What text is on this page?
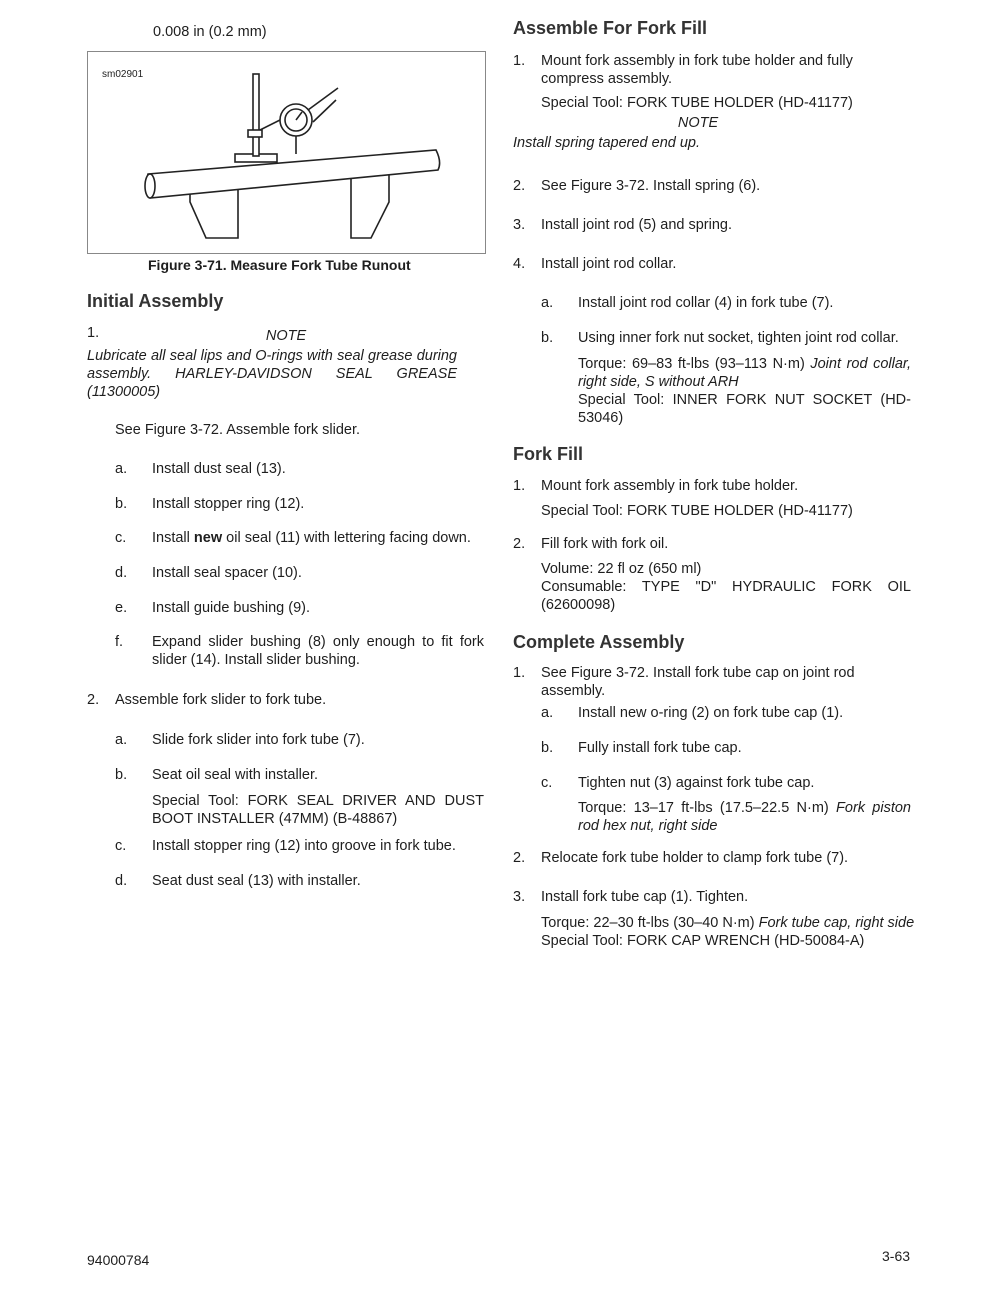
0.008 in (0.2 mm)
sm02901
Figure 3-71. Measure Fork Tube Runout
Initial Assembly
1.	NOTE
Lubricate all seal lips and O-rings with seal grease during assembly. HARLEY-DAVIDSON SEAL GREASE (11300005)
See Figure 3-72. Assemble fork slider.
a. Install dust seal (13).
b. Install stopper ring (12).
c. Install new oil seal (11) with lettering facing down.
d. Install seal spacer (10).
e. Install guide bushing (9).
f. Expand slider bushing (8) only enough to fit fork slider (14). Install slider bushing.
2. Assemble fork slider to fork tube.
a. Slide fork slider into fork tube (7).
b. Seat oil seal with installer.
Special Tool: FORK SEAL DRIVER AND DUST BOOT INSTALLER (47MM) (B-48867)
c. Install stopper ring (12) into groove in fork tube.
d. Seat dust seal (13) with installer.
Assemble For Fork Fill
1. Mount fork assembly in fork tube holder and fully compress assembly.
Special Tool: FORK TUBE HOLDER (HD-41177)
NOTE
Install spring tapered end up.
2. See Figure 3-72. Install spring (6).
3. Install joint rod (5) and spring.
4. Install joint rod collar.
a. Install joint rod collar (4) in fork tube (7).
b. Using inner fork nut socket, tighten joint rod collar.
Torque: 69–83 ft-lbs (93–113 N·m) Joint rod collar, right side, S without ARH
Special Tool: INNER FORK NUT SOCKET (HD-53046)
Fork Fill
1. Mount fork assembly in fork tube holder.
Special Tool: FORK TUBE HOLDER (HD-41177)
2. Fill fork with fork oil.
Volume: 22 fl oz (650 ml)
Consumable: TYPE "D" HYDRAULIC FORK OIL (62600098)
Complete Assembly
1. See Figure 3-72. Install fork tube cap on joint rod assembly.
a. Install new o-ring (2) on fork tube cap (1).
b. Fully install fork tube cap.
c. Tighten nut (3) against fork tube cap.
Torque: 13–17 ft-lbs (17.5–22.5 N·m) Fork piston rod hex nut, right side
2. Relocate fork tube holder to clamp fork tube (7).
3. Install fork tube cap (1). Tighten.
Torque: 22–30 ft-lbs (30–40 N·m) Fork tube cap, right side
Special Tool: FORK CAP WRENCH (HD-50084-A)
94000784	3-63
